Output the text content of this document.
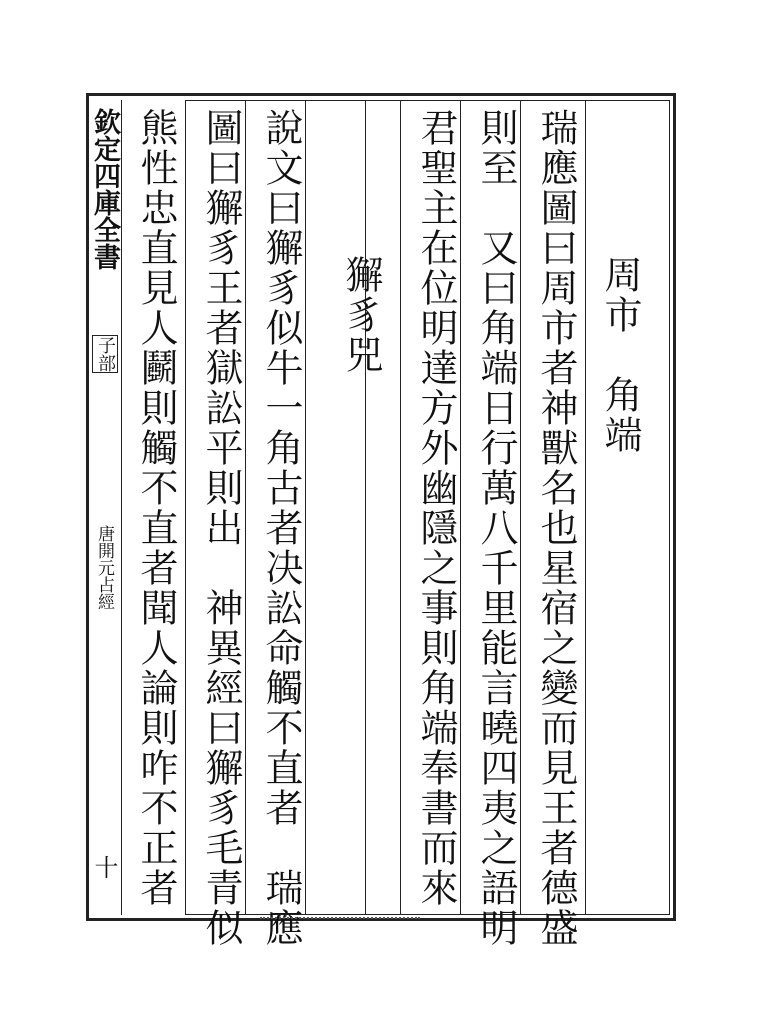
欽定四庫全書
子部
唐開元占經
十	瑞應圖曰周市者神獸名也星宿之變而見王者德盛 周市　角端
則至　又曰角端日行萬八千里能言曉四夷之語明
君聖主在位明達方外幽隱之事則角端奉書而來
獬豸兕
說文曰獬豸似牛一角古者决訟命觸不直者　瑞應
圖曰獬豸王者獄訟平則出　神異經曰獬豸毛青似
熊性忠直見人鬬則觸不直者聞人論則咋不正者
